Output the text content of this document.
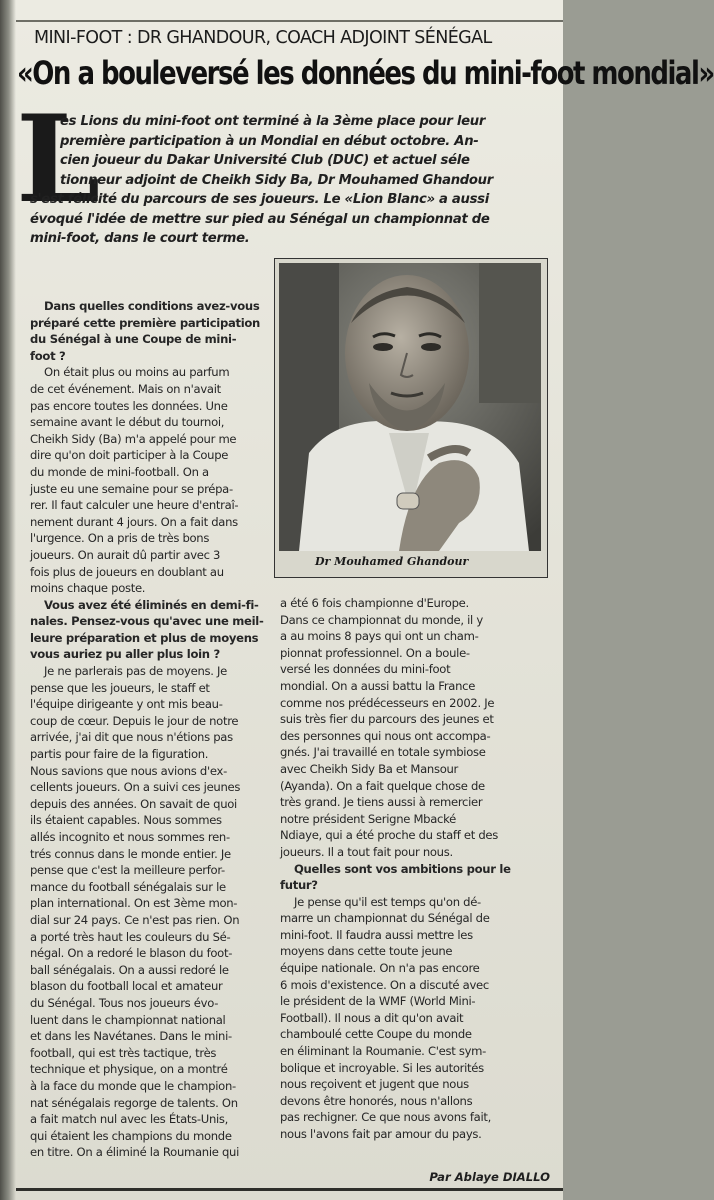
MINI-FOOT : DR GHANDOUR, COACH ADJOINT SÉNÉGAL
«On a bouleversé les données du mini-foot mondial»
L
es Lions du mini-foot ont terminé à la 3ème place pour leur
première participation à un Mondial en début octobre. An-
cien joueur du Dakar Université Club (DUC) et actuel séle
tionneur adjoint de Cheikh Sidy Ba, Dr Mouhamed Ghandour
s'est félicité du parcours de ses joueurs. Le «Lion Blanc» a aussi
évoqué l'idée de mettre sur pied au Sénégal un championnat de
mini-foot, dans le court terme.
Dans quelles conditions avez-vous
préparé cette première participation
du Sénégal à une Coupe de mini-
foot ?
On était plus ou moins au parfum
de cet événement. Mais on n'avait
pas encore toutes les données. Une
semaine avant le début du tournoi,
Cheikh Sidy (Ba) m'a appelé pour me
dire qu'on doit participer à la Coupe
du monde de mini-football. On a
juste eu une semaine pour se prépa-
rer. Il faut calculer une heure d'entraî-
nement durant 4 jours. On a fait dans
l'urgence. On a pris de très bons
joueurs. On aurait dû partir avec 3
fois plus de joueurs en doublant au
moins chaque poste.
Vous avez été éliminés en demi-fi-
nales. Pensez-vous qu'avec une meil-
leure préparation et plus de moyens
vous auriez pu aller plus loin ?
Je ne parlerais pas de moyens. Je
pense que les joueurs, le staff et
l'équipe dirigeante y ont mis beau-
coup de cœur. Depuis le jour de notre
arrivée, j'ai dit que nous n'étions pas
partis pour faire de la figuration.
Nous savions que nous avions d'ex-
cellents joueurs. On a suivi ces jeunes
depuis des années. On savait de quoi
ils étaient capables. Nous sommes
allés incognito et nous sommes ren-
trés connus dans le monde entier. Je
pense que c'est la meilleure perfor-
mance du football sénégalais sur le
plan international. On est 3ème mon-
dial sur 24 pays. Ce n'est pas rien. On
a porté très haut les couleurs du Sé-
négal. On a redoré le blason du foot-
ball sénégalais. On a aussi redoré le
blason du football local et amateur
du Sénégal. Tous nos joueurs évo-
luent dans le championnat national
et dans les Navétanes. Dans le mini-
football, qui est très tactique, très
technique et physique, on a montré
à la face du monde que le champion-
nat sénégalais regorge de talents. On
a fait match nul avec les États-Unis,
qui étaient les champions du monde
en titre. On a éliminé la Roumanie qui
Dr Mouhamed Ghandour
a été 6 fois championne d'Europe.
Dans ce championnat du monde, il y
a au moins 8 pays qui ont un cham-
pionnat professionnel. On a boule-
versé les données du mini-foot
mondial. On a aussi battu la France
comme nos prédécesseurs en 2002. Je
suis très fier du parcours des jeunes et
des personnes qui nous ont accompa-
gnés. J'ai travaillé en totale symbiose
avec Cheikh Sidy Ba et Mansour
(Ayanda). On a fait quelque chose de
très grand. Je tiens aussi à remercier
notre président Serigne Mbacké
Ndiaye, qui a été proche du staff et des
joueurs. Il a tout fait pour nous.
Quelles sont vos ambitions pour le
futur?
Je pense qu'il est temps qu'on dé-
marre un championnat du Sénégal de
mini-foot. Il faudra aussi mettre les
moyens dans cette toute jeune
équipe nationale. On n'a pas encore
6 mois d'existence. On a discuté avec
le président de la WMF (World Mini-
Football). Il nous a dit qu'on avait
chamboulé cette Coupe du monde
en éliminant la Roumanie. C'est sym-
bolique et incroyable. Si les autorités
nous reçoivent et jugent que nous
devons être honorés, nous n'allons
pas rechigner. Ce que nous avons fait,
nous l'avons fait par amour du pays.
Par Ablaye DIALLO
